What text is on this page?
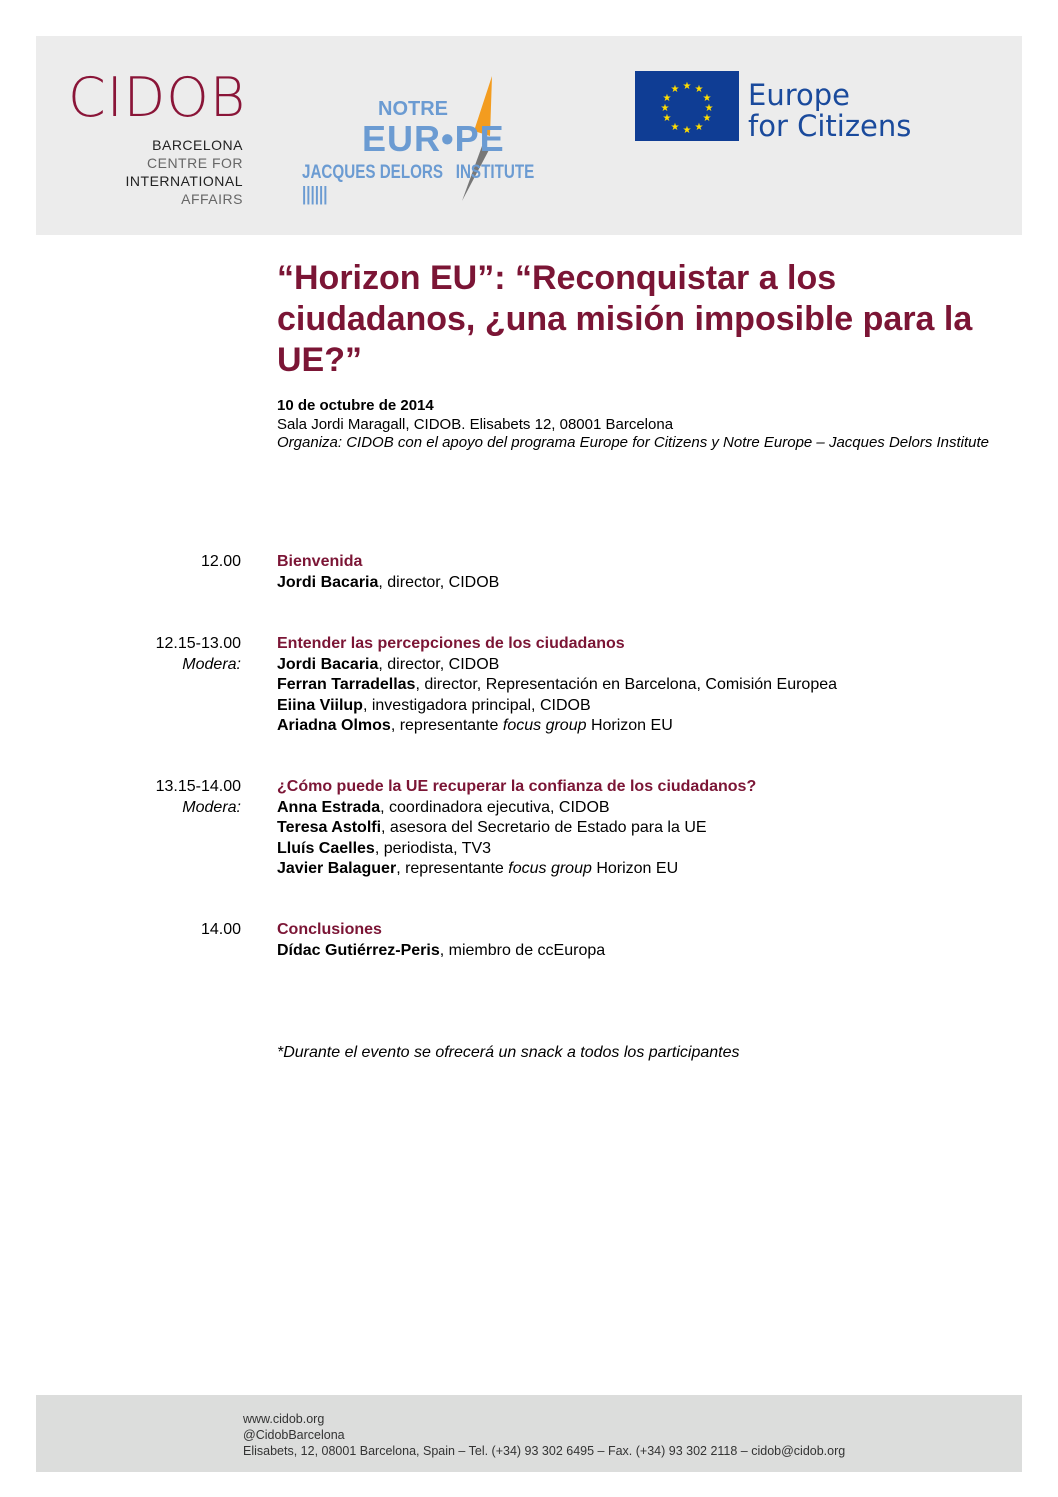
CIDOB
BARCELONA
CENTRE FOR
INTERNATIONAL
AFFAIRS
NOTRE
EUR•PE
JACQUES DELORS INSTITUTE ||||||
★ ★
★
★
★
★
★
★
★
★
★
★ Europe
for Citizens
“Horizon EU”: “Reconquistar a los ciudadanos, ¿una misión imposible para la UE?”
10 de octubre de 2014
Sala Jordi Maragall, CIDOB. Elisabets 12, 08001 Barcelona
Organiza: CIDOB con el apoyo del programa Europe for Citizens y Notre Europe – Jacques Delors Institute
12.00 Bienvenida
Jordi Bacaria, director, CIDOB
12.15-13.00
Modera:
Entender las percepciones de los ciudadanos
Jordi Bacaria, director, CIDOB
Ferran Tarradellas, director, Representación en Barcelona, Comisión Europea
Eiina Viilup, investigadora principal, CIDOB
Ariadna Olmos, representante focus group Horizon EU
13.15-14.00
Modera:
¿Cómo puede la UE recuperar la confianza de los ciudadanos?
Anna Estrada, coordinadora ejecutiva, CIDOB
Teresa Astolfi, asesora del Secretario de Estado para la UE
Lluís Caelles, periodista, TV3
Javier Balaguer, representante focus group Horizon EU
14.00 Conclusiones
Dídac Gutiérrez-Peris, miembro de ccEuropa
*Durante el evento se ofrecerá un snack a todos los participantes
www.cidob.org
@CidobBarcelona
Elisabets, 12, 08001 Barcelona, Spain – Tel. (+34) 93 302 6495 – Fax. (+34) 93 302 2118 – cidob@cidob.org
